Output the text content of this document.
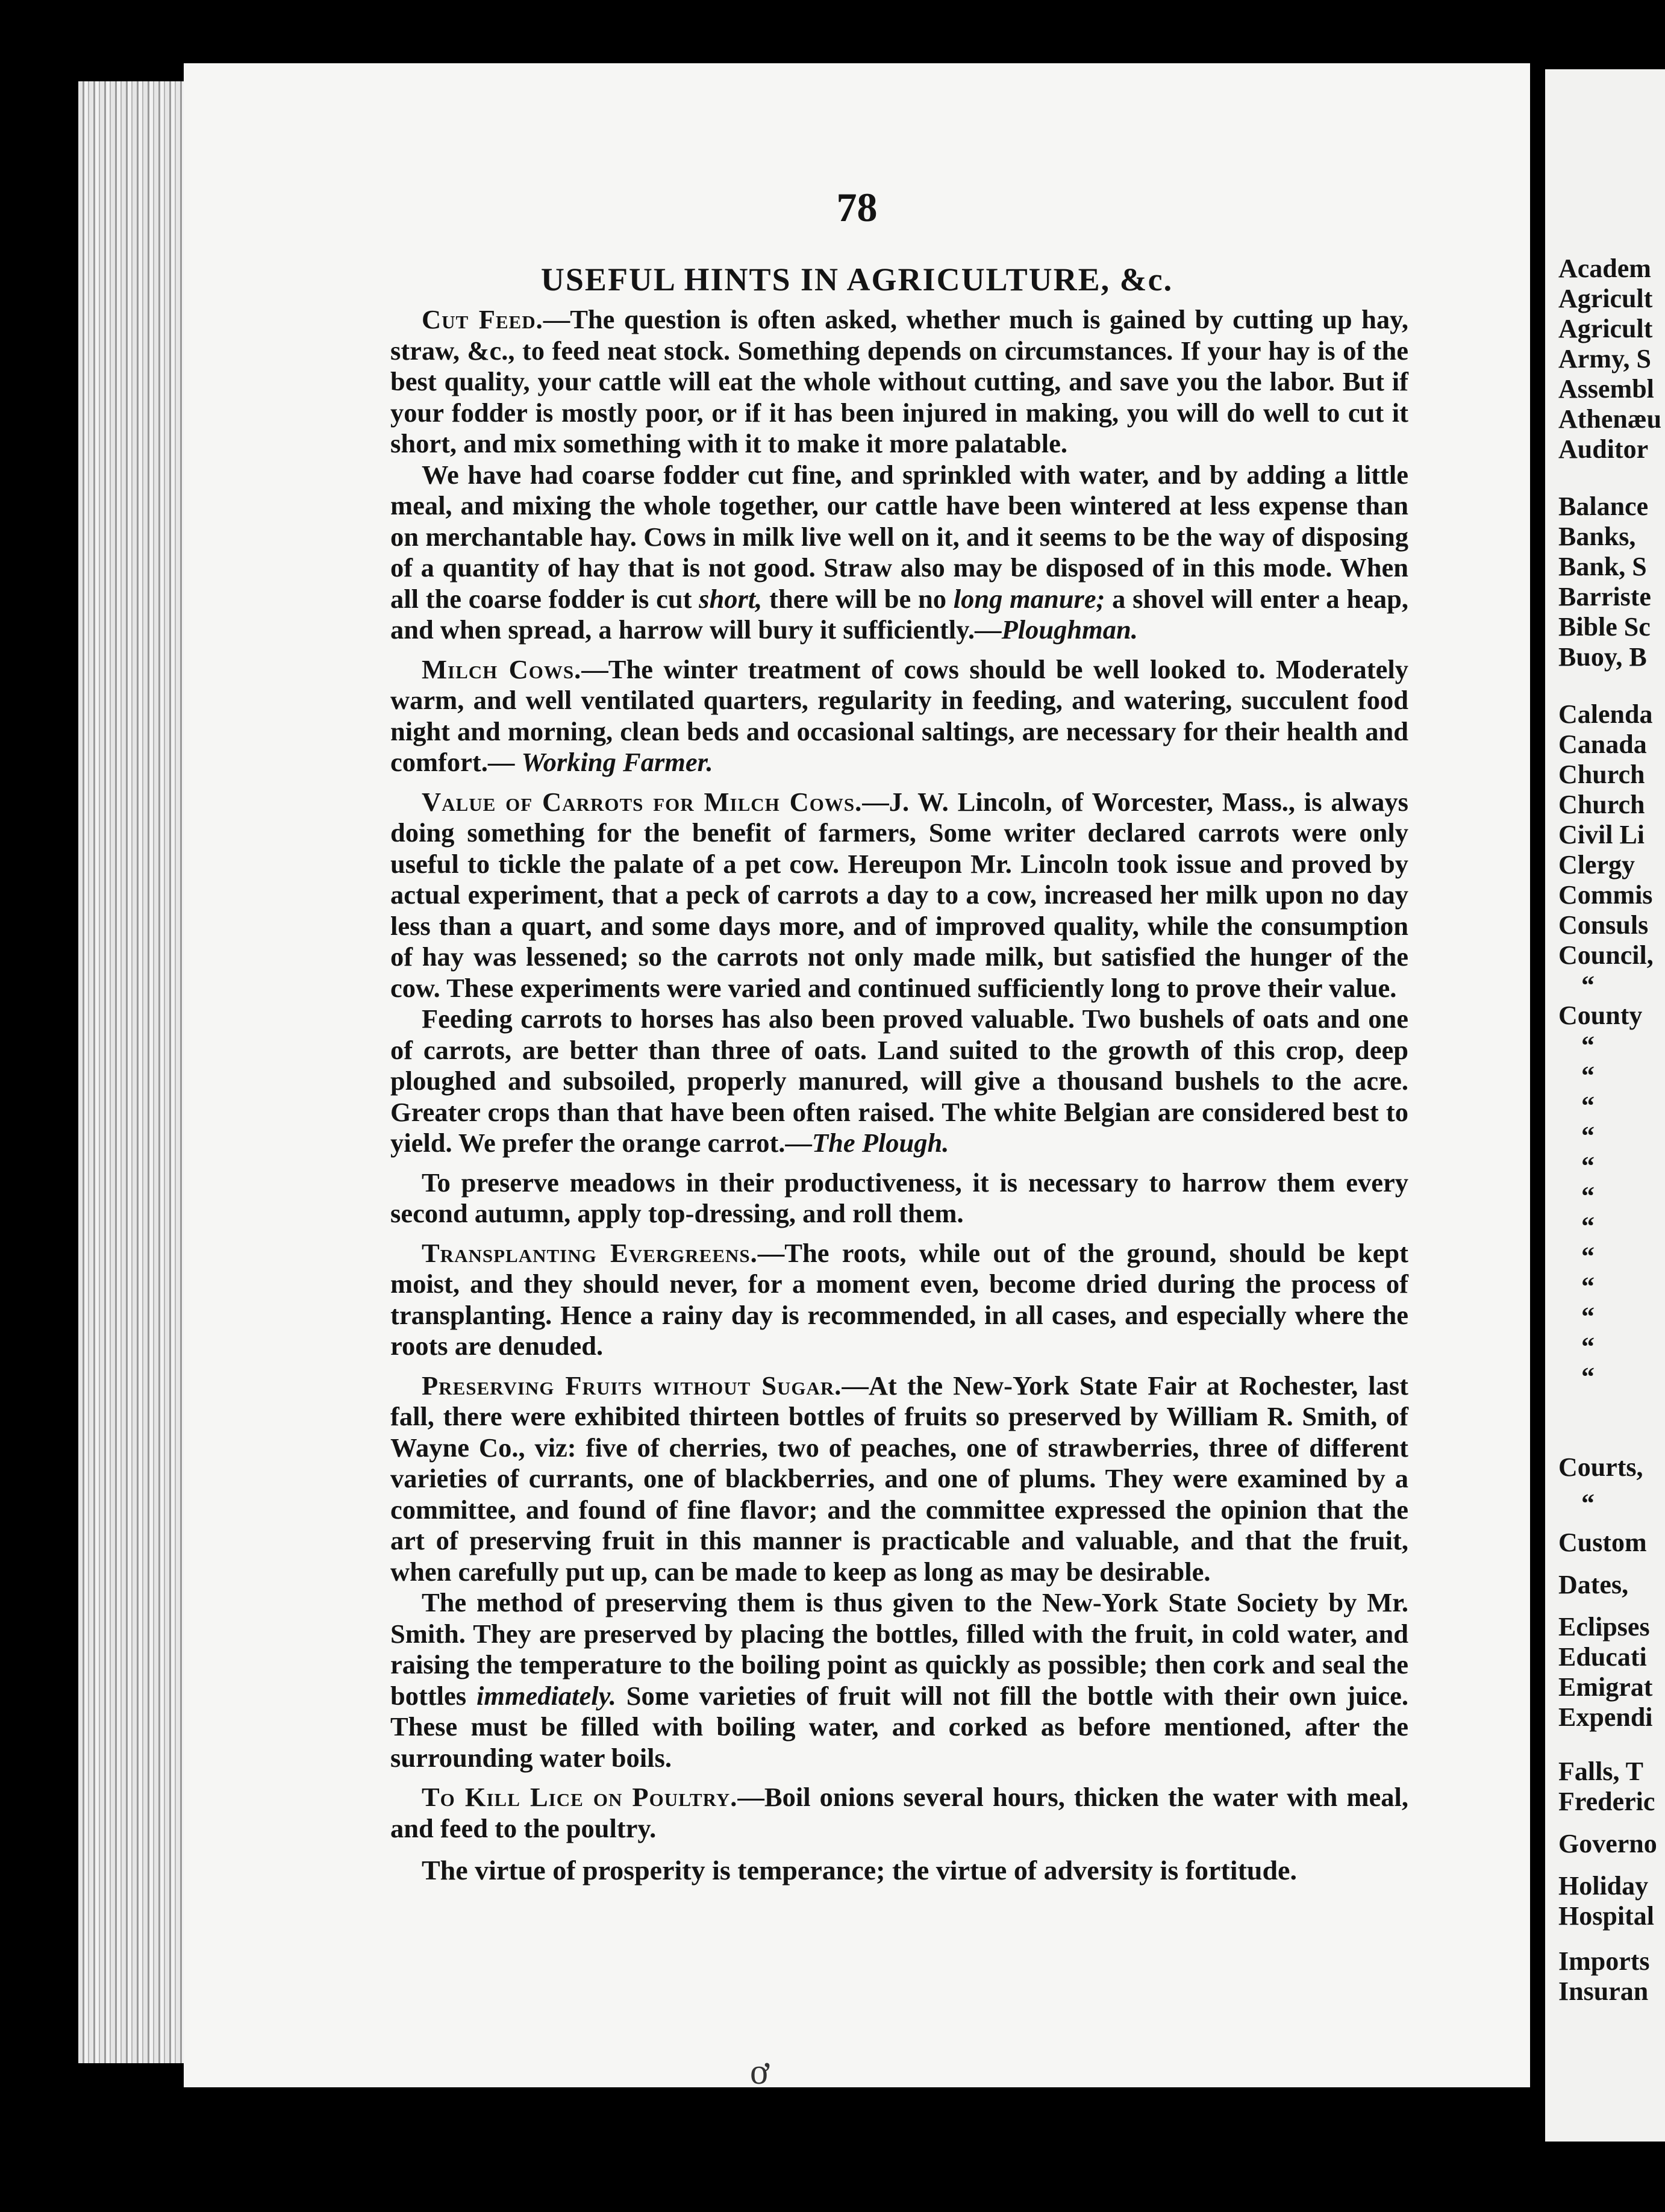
78
USEFUL HINTS IN AGRICULTURE, &c.

Cut Feed.—The question is often asked, whether much is gained by cutting up hay, straw, &c., to feed neat stock. Something depends on circumstances. If your hay is of the best quality, your cattle will eat the whole without cutting, and save you the labor. But if your fodder is mostly poor, or if it has been injured in making, you will do well to cut it short, and mix something with it to make it more palatable.

We have had coarse fodder cut fine, and sprinkled with water, and by adding a little meal, and mixing the whole together, our cattle have been wintered at less expense than on merchantable hay. Cows in milk live well on it, and it seems to be the way of disposing of a quantity of hay that is not good. Straw also may be disposed of in this mode. When all the coarse fodder is cut short, there will be no long manure; a shovel will enter a heap, and when spread, a harrow will bury it sufficiently.—Ploughman.

Milch Cows.—The winter treatment of cows should be well looked to. Moderately warm, and well ventilated quarters, regularity in feeding, and watering, succulent food night and morning, clean beds and occasional saltings, are necessary for their health and comfort.— Working Farmer.

Value of Carrots for Milch Cows.—J. W. Lincoln, of Worcester, Mass., is always doing something for the benefit of farmers, Some writer declared carrots were only useful to tickle the palate of a pet cow. Hereupon Mr. Lincoln took issue and proved by actual experiment, that a peck of carrots a day to a cow, increased her milk upon no day less than a quart, and some days more, and of improved quality, while the consumption of hay was lessened; so the carrots not only made milk, but satisfied the hunger of the cow. These experiments were varied and continued sufficiently long to prove their value.

Feeding carrots to horses has also been proved valuable. Two bushels of oats and one of carrots, are better than three of oats. Land suited to the growth of this crop, deep ploughed and subsoiled, properly manured, will give a thousand bushels to the acre. Greater crops than that have been often raised. The white Belgian are considered best to yield. We prefer the orange carrot.—The Plough.

To preserve meadows in their productiveness, it is necessary to harrow them every second autumn, apply top-dressing, and roll them.

Transplanting Evergreens.—The roots, while out of the ground, should be kept moist, and they should never, for a moment even, become dried during the process of transplanting. Hence a rainy day is recommended, in all cases, and especially where the roots are denuded.

Preserving Fruits without Sugar.—At the New-York State Fair at Rochester, last fall, there were exhibited thirteen bottles of fruits so preserved by William R. Smith, of Wayne Co., viz: five of cherries, two of peaches, one of strawberries, three of different varieties of currants, one of blackberries, and one of plums. They were examined by a committee, and found of fine flavor; and the committee expressed the opinion that the art of preserving fruit in this manner is practicable and valuable, and that the fruit, when carefully put up, can be made to keep as long as may be desirable.

The method of preserving them is thus given to the New-York State Society by Mr. Smith. They are preserved by placing the bottles, filled with the fruit, in cold water, and raising the temperature to the boiling point as quickly as possible; then cork and seal the bottles immediately. Some varieties of fruit will not fill the bottle with their own juice. These must be filled with boiling water, and corked as before mentioned, after the surrounding water boils.

To Kill Lice on Poultry.—Boil onions several hours, thicken the water with meal, and feed to the poultry.

The virtue of prosperity is temperance; the virtue of adversity is fortitude.

ơ
Academ
Agricult
Agricult
Army, S
Assembl
Athenæu
Auditor
Balance
Banks,
Bank, S
Barriste
Bible Sc
Buoy, B
Calenda
Canada
Church
Church
Civil Li
Clergy
Commis
Consuls
Council,
“
County
“
“
“
“
“
“
“
“
“
“
“
“
Courts,
“
Custom
Dates,
Eclipses
Educati
Emigrat
Expendi
Falls, T
Frederic
Governo
Holiday
Hospital
Imports
Insuran
